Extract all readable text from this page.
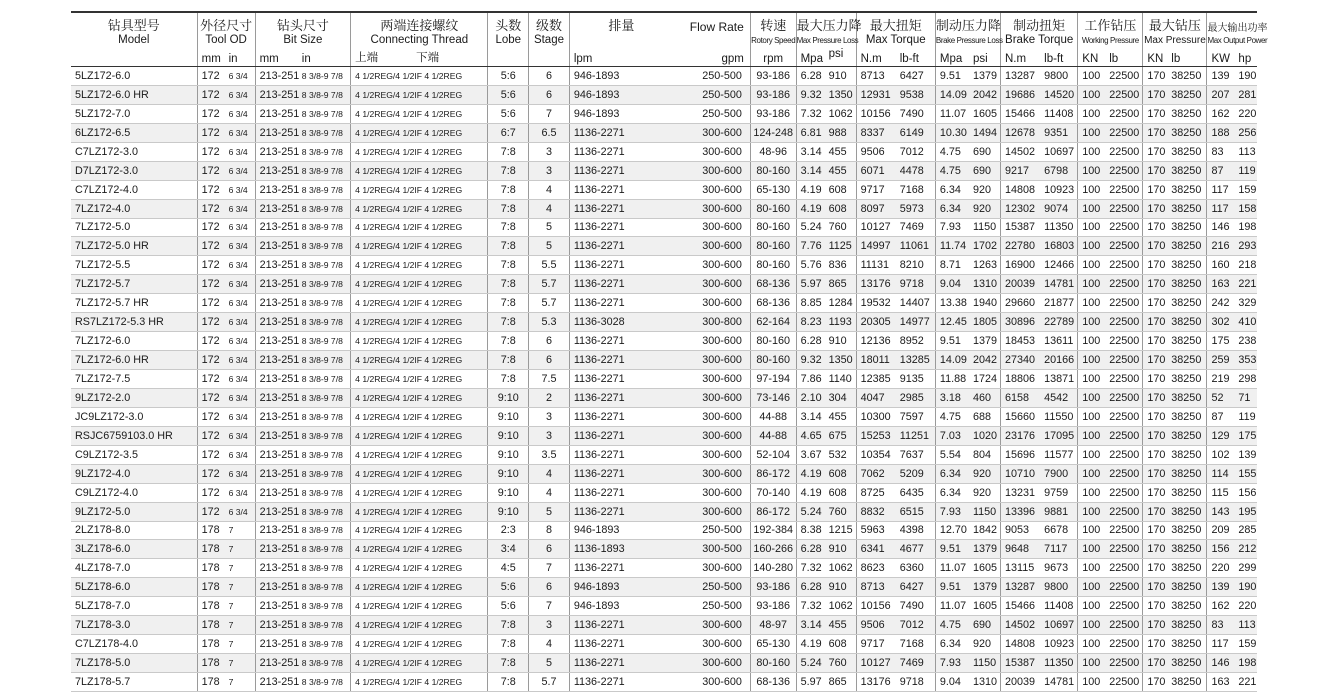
钻具型号	外径尺寸		钻头尺寸		两端连接螺纹	头数	级数	排量	Flow Rate	转速	最大压力降		最大扭矩		制动压力降		制动扭矩		工作钻压		最大钻压		最大输出功率	
Model	Tool OD		Bit Size		Connecting Thread	Lobe	Stage			Rotory Speed	Max Pressure Loss		Max Torque		Brake Pressure Loss		Brake Torque		Working Pressure		Max Pressure		Max Output Power	
	mm	in	mm	in	上端 下端			lpm	gpm	rpm	Mpa	psi	N.m	lb-ft	Mpa	psi	N.m	lb-ft	KN	lb	KN	lb	KW	hp
5LZ172-6.0	172	6 3/4	213-251	8 3/8-9 7/8	4 1/2REG/4 1/2IF 4 1/2REG	5:6	6	946-1893	250-500	93-186	6.28	910	8713	6427	9.51	1379	13287	9800	100	22500	170	38250	139	190
5LZ172-6.0 HR	172	6 3/4	213-251	8 3/8-9 7/8	4 1/2REG/4 1/2IF 4 1/2REG	5:6	6	946-1893	250-500	93-186	9.32	1350	12931	9538	14.09	2042	19686	14520	100	22500	170	38250	207	281
5LZ172-7.0	172	6 3/4	213-251	8 3/8-9 7/8	4 1/2REG/4 1/2IF 4 1/2REG	5:6	7	946-1893	250-500	93-186	7.32	1062	10156	7490	11.07	1605	15466	11408	100	22500	170	38250	162	220
6LZ172-6.5	172	6 3/4	213-251	8 3/8-9 7/8	4 1/2REG/4 1/2IF 4 1/2REG	6:7	6.5	1136-2271	300-600	124-248	6.81	988	8337	6149	10.30	1494	12678	9351	100	22500	170	38250	188	256
C7LZ172-3.0	172	6 3/4	213-251	8 3/8-9 7/8	4 1/2REG/4 1/2IF 4 1/2REG	7:8	3	1136-2271	300-600	48-96	3.14	455	9506	7012	4.75	690	14502	10697	100	22500	170	38250	83	113
D7LZ172-3.0	172	6 3/4	213-251	8 3/8-9 7/8	4 1/2REG/4 1/2IF 4 1/2REG	7:8	3	1136-2271	300-600	80-160	3.14	455	6071	4478	4.75	690	9217	6798	100	22500	170	38250	87	119
C7LZ172-4.0	172	6 3/4	213-251	8 3/8-9 7/8	4 1/2REG/4 1/2IF 4 1/2REG	7:8	4	1136-2271	300-600	65-130	4.19	608	9717	7168	6.34	920	14808	10923	100	22500	170	38250	117	159
7LZ172-4.0	172	6 3/4	213-251	8 3/8-9 7/8	4 1/2REG/4 1/2IF 4 1/2REG	7:8	4	1136-2271	300-600	80-160	4.19	608	8097	5973	6.34	920	12302	9074	100	22500	170	38250	117	158
7LZ172-5.0	172	6 3/4	213-251	8 3/8-9 7/8	4 1/2REG/4 1/2IF 4 1/2REG	7:8	5	1136-2271	300-600	80-160	5.24	760	10127	7469	7.93	1150	15387	11350	100	22500	170	38250	146	198
7LZ172-5.0 HR	172	6 3/4	213-251	8 3/8-9 7/8	4 1/2REG/4 1/2IF 4 1/2REG	7:8	5	1136-2271	300-600	80-160	7.76	1125	14997	11061	11.74	1702	22780	16803	100	22500	170	38250	216	293
7LZ172-5.5	172	6 3/4	213-251	8 3/8-9 7/8	4 1/2REG/4 1/2IF 4 1/2REG	7:8	5.5	1136-2271	300-600	80-160	5.76	836	11131	8210	8.71	1263	16900	12466	100	22500	170	38250	160	218
7LZ172-5.7	172	6 3/4	213-251	8 3/8-9 7/8	4 1/2REG/4 1/2IF 4 1/2REG	7:8	5.7	1136-2271	300-600	68-136	5.97	865	13176	9718	9.04	1310	20039	14781	100	22500	170	38250	163	221
7LZ172-5.7 HR	172	6 3/4	213-251	8 3/8-9 7/8	4 1/2REG/4 1/2IF 4 1/2REG	7:8	5.7	1136-2271	300-600	68-136	8.85	1284	19532	14407	13.38	1940	29660	21877	100	22500	170	38250	242	329
RS7LZ172-5.3 HR	172	6 3/4	213-251	8 3/8-9 7/8	4 1/2REG/4 1/2IF 4 1/2REG	7:8	5.3	1136-3028	300-800	62-164	8.23	1193	20305	14977	12.45	1805	30896	22789	100	22500	170	38250	302	410
7LZ172-6.0	172	6 3/4	213-251	8 3/8-9 7/8	4 1/2REG/4 1/2IF 4 1/2REG	7:8	6	1136-2271	300-600	80-160	6.28	910	12136	8952	9.51	1379	18453	13611	100	22500	170	38250	175	238
7LZ172-6.0 HR	172	6 3/4	213-251	8 3/8-9 7/8	4 1/2REG/4 1/2IF 4 1/2REG	7:8	6	1136-2271	300-600	80-160	9.32	1350	18011	13285	14.09	2042	27340	20166	100	22500	170	38250	259	353
7LZ172-7.5	172	6 3/4	213-251	8 3/8-9 7/8	4 1/2REG/4 1/2IF 4 1/2REG	7:8	7.5	1136-2271	300-600	97-194	7.86	1140	12385	9135	11.88	1724	18806	13871	100	22500	170	38250	219	298
9LZ172-2.0	172	6 3/4	213-251	8 3/8-9 7/8	4 1/2REG/4 1/2IF 4 1/2REG	9:10	2	1136-2271	300-600	73-146	2.10	304	4047	2985	3.18	460	6158	4542	100	22500	170	38250	52	71
JC9LZ172-3.0	172	6 3/4	213-251	8 3/8-9 7/8	4 1/2REG/4 1/2IF 4 1/2REG	9:10	3	1136-2271	300-600	44-88	3.14	455	10300	7597	4.75	688	15660	11550	100	22500	170	38250	87	119
RSJC6759103.0 HR	172	6 3/4	213-251	8 3/8-9 7/8	4 1/2REG/4 1/2IF 4 1/2REG	9:10	3	1136-2271	300-600	44-88	4.65	675	15253	11251	7.03	1020	23176	17095	100	22500	170	38250	129	175
C9LZ172-3.5	172	6 3/4	213-251	8 3/8-9 7/8	4 1/2REG/4 1/2IF 4 1/2REG	9:10	3.5	1136-2271	300-600	52-104	3.67	532	10354	7637	5.54	804	15696	11577	100	22500	170	38250	102	139
9LZ172-4.0	172	6 3/4	213-251	8 3/8-9 7/8	4 1/2REG/4 1/2IF 4 1/2REG	9:10	4	1136-2271	300-600	86-172	4.19	608	7062	5209	6.34	920	10710	7900	100	22500	170	38250	114	155
C9LZ172-4.0	172	6 3/4	213-251	8 3/8-9 7/8	4 1/2REG/4 1/2IF 4 1/2REG	9:10	4	1136-2271	300-600	70-140	4.19	608	8725	6435	6.34	920	13231	9759	100	22500	170	38250	115	156
9LZ172-5.0	172	6 3/4	213-251	8 3/8-9 7/8	4 1/2REG/4 1/2IF 4 1/2REG	9:10	5	1136-2271	300-600	86-172	5.24	760	8832	6515	7.93	1150	13396	9881	100	22500	170	38250	143	195
2LZ178-8.0	178	7	213-251	8 3/8-9 7/8	4 1/2REG/4 1/2IF 4 1/2REG	2:3	8	946-1893	250-500	192-384	8.38	1215	5963	4398	12.70	1842	9053	6678	100	22500	170	38250	209	285
3LZ178-6.0	178	7	213-251	8 3/8-9 7/8	4 1/2REG/4 1/2IF 4 1/2REG	3:4	6	1136-1893	300-500	160-266	6.28	910	6341	4677	9.51	1379	9648	7117	100	22500	170	38250	156	212
4LZ178-7.0	178	7	213-251	8 3/8-9 7/8	4 1/2REG/4 1/2IF 4 1/2REG	4:5	7	1136-2271	300-600	140-280	7.32	1062	8623	6360	11.07	1605	13115	9673	100	22500	170	38250	220	299
5LZ178-6.0	178	7	213-251	8 3/8-9 7/8	4 1/2REG/4 1/2IF 4 1/2REG	5:6	6	946-1893	250-500	93-186	6.28	910	8713	6427	9.51	1379	13287	9800	100	22500	170	38250	139	190
5LZ178-7.0	178	7	213-251	8 3/8-9 7/8	4 1/2REG/4 1/2IF 4 1/2REG	5:6	7	946-1893	250-500	93-186	7.32	1062	10156	7490	11.07	1605	15466	11408	100	22500	170	38250	162	220
7LZ178-3.0	178	7	213-251	8 3/8-9 7/8	4 1/2REG/4 1/2IF 4 1/2REG	7:8	3	1136-2271	300-600	48-97	3.14	455	9506	7012	4.75	690	14502	10697	100	22500	170	38250	83	113
C7LZ178-4.0	178	7	213-251	8 3/8-9 7/8	4 1/2REG/4 1/2IF 4 1/2REG	7:8	4	1136-2271	300-600	65-130	4.19	608	9717	7168	6.34	920	14808	10923	100	22500	170	38250	117	159
7LZ178-5.0	178	7	213-251	8 3/8-9 7/8	4 1/2REG/4 1/2IF 4 1/2REG	7:8	5	1136-2271	300-600	80-160	5.24	760	10127	7469	7.93	1150	15387	11350	100	22500	170	38250	146	198
7LZ178-5.7	178	7	213-251	8 3/8-9 7/8	4 1/2REG/4 1/2IF 4 1/2REG	7:8	5.7	1136-2271	300-600	68-136	5.97	865	13176	9718	9.04	1310	20039	14781	100	22500	170	38250	163	221
